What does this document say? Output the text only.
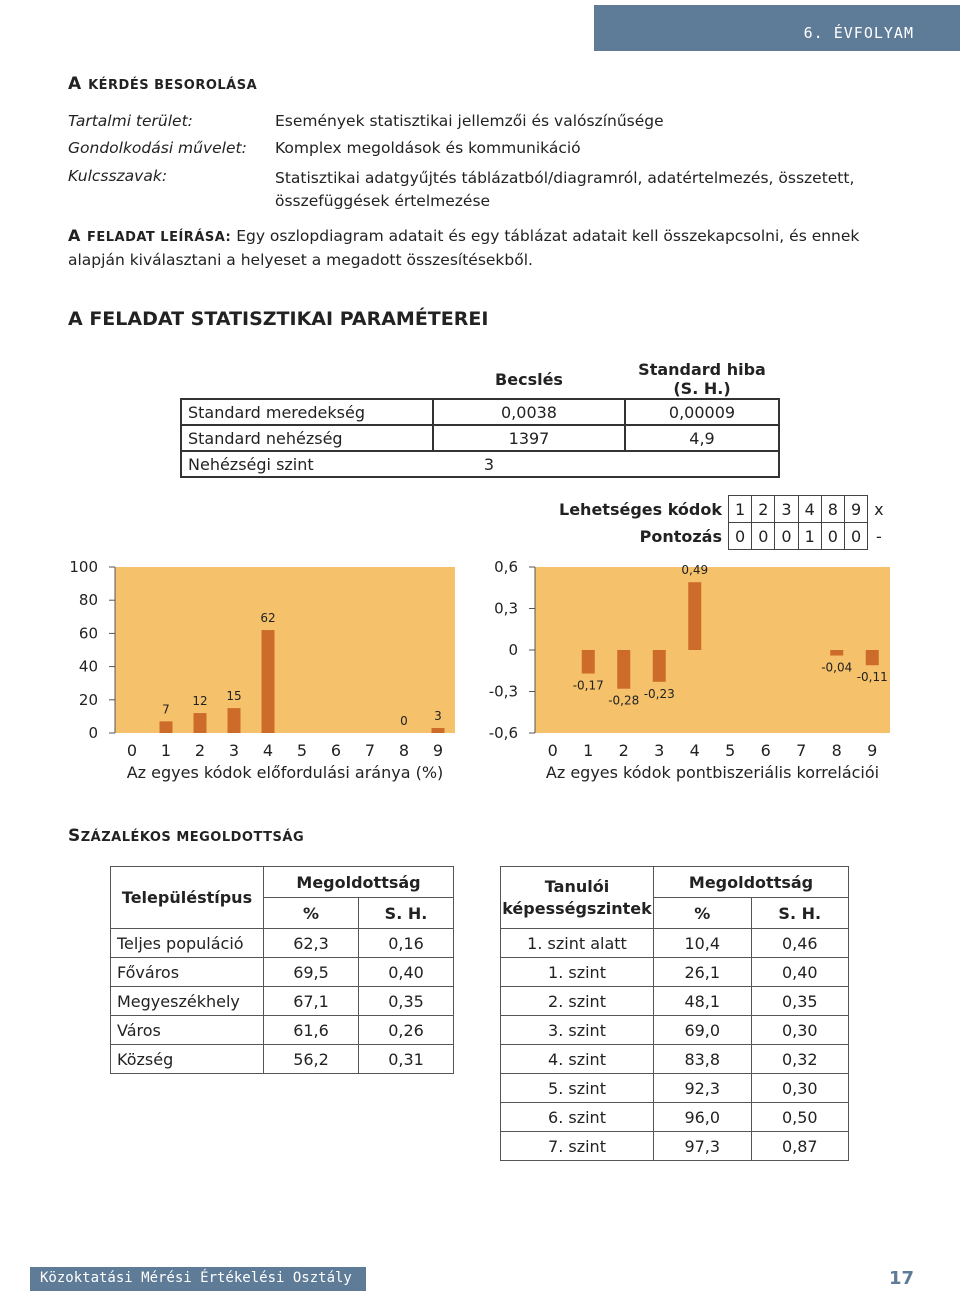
6. ÉVFOLYAM
A KÉRDÉS BESOROLÁSA
Tartalmi terület:	Események statisztikai jellemzői és valószínűsége
Gondolkodási művelet: Komplex megoldások és kommunikáció
Kulcsszavak:	Statisztikai adatgyűjtés táblázatból/diagramról, adatértelmezés, összetett, összefüggések értelmezése
A FELADAT LEÍRÁSA: Egy oszlopdiagram adatait és egy táblázat adatait kell összekapcsolni, és ennek alapján kiválasztani a helyeset a megadott összesítésekből.
A FELADAT STATISZTIKAI PARAMÉTEREI
	Becslés	Standard hiba (S. H.)
Standard meredekség	0,0038	0,00009
Standard nehézség	1397	4,9
Nehézségi szint	3
Lehetséges kódok	1	2	3	4	8	9	x
Pontozás	0	0	0	1	0	0	-
100
80
60
40
20
0
0 1
7
2
12
3
15
4
62
5 6 7 8
0
9
3
Az egyes kódok előfordulási aránya (%)
0,6
0,3
0
-0,3
-0,6
0 1
-0,17
2
-0,28
3
-0,23
4
0,49
5 6 7 8
-0,04
9
-0,11
Az egyes kódok pontbiszeriális korrelációi
SZÁZALÉKOS MEGOLDOTTSÁG
Településtípus	Megoldottság	
	%	S. H.
Teljes populáció	62,3	0,16
Főváros	69,5	0,40
Megyeszékhely	67,1	0,35
Város	61,6	0,26
Község	56,2	0,31
Tanulói
képességszintek	Megoldottság	
	%	S. H.
1. szint alatt	10,4	0,46
1. szint	26,1	0,40
2. szint	48,1	0,35
3. szint	69,0	0,30
4. szint	83,8	0,32
5. szint	92,3	0,30
6. szint	96,0	0,50
7. szint	97,3	0,87
Közoktatási Mérési Értékelési Osztály	17
